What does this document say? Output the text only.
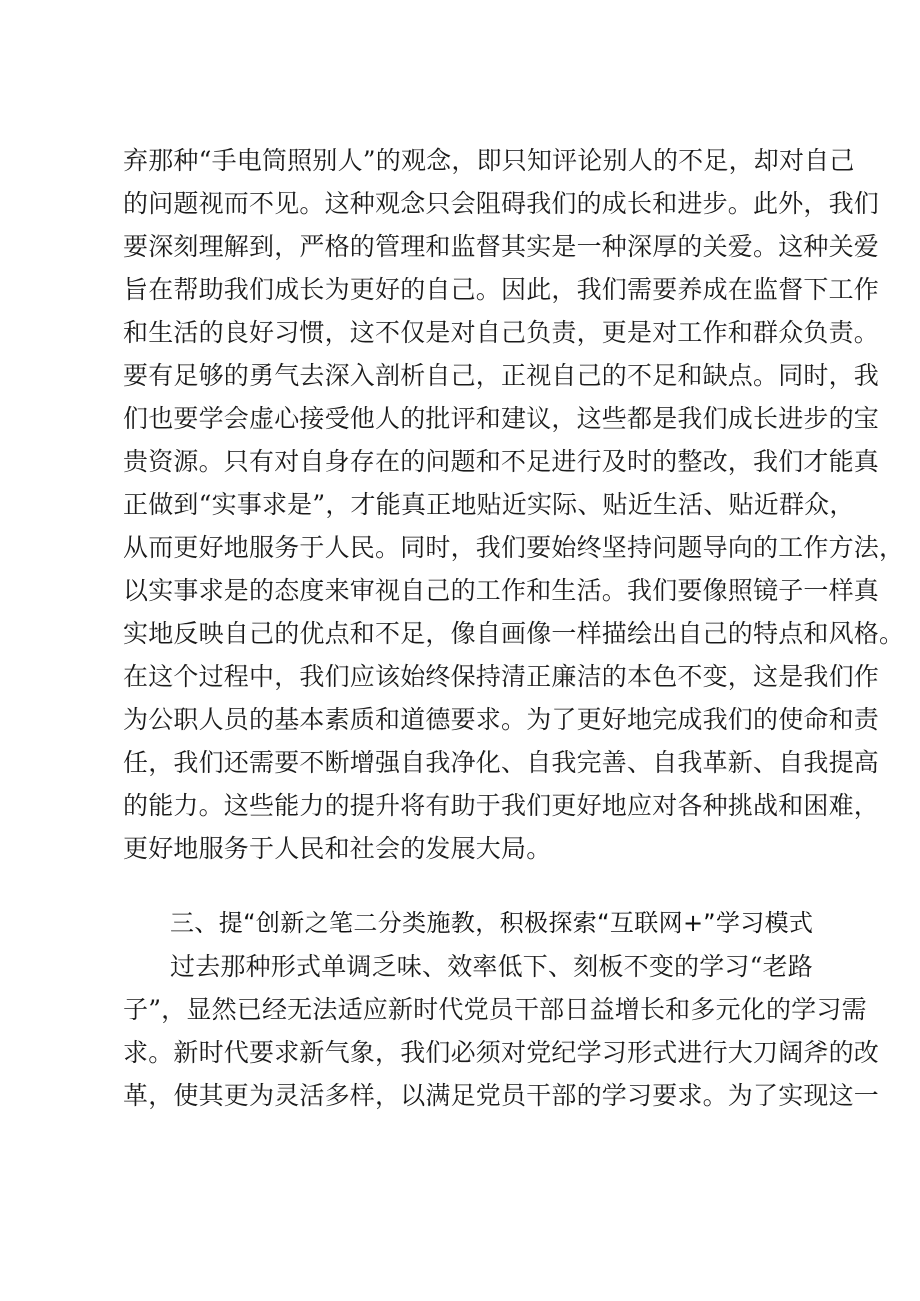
弃那种“手电筒照别人”的观念，即只知评论别人的不足，却对自己
的问题视而不见。这种观念只会阻碍我们的成长和进步。此外，我们
要深刻理解到，严格的管理和监督其实是一种深厚的关爱。这种关爱
旨在帮助我们成长为更好的自己。因此，我们需要养成在监督下工作
和生活的良好习惯，这不仅是对自己负责，更是对工作和群众负责。
要有足够的勇气去深入剖析自己，正视自己的不足和缺点。同时，我
们也要学会虚心接受他人的批评和建议，这些都是我们成长进步的宝
贵资源。只有对自身存在的问题和不足进行及时的整改，我们才能真
正做到“实事求是”，才能真正地贴近实际、贴近生活、贴近群众，
从而更好地服务于人民。同时，我们要始终坚持问题导向的工作方法，
以实事求是的态度来审视自己的工作和生活。我们要像照镜子一样真
实地反映自己的优点和不足，像自画像一样描绘出自己的特点和风格。
在这个过程中，我们应该始终保持清正廉洁的本色不变，这是我们作
为公职人员的基本素质和道德要求。为了更好地完成我们的使命和责
任，我们还需要不断增强自我净化、自我完善、自我革新、自我提高
的能力。这些能力的提升将有助于我们更好地应对各种挑战和困难，
更好地服务于人民和社会的发展大局。
三、提“创新之笔二分类施教，积极探索“互联网+”学习模式
过去那种形式单调乏味、效率低下、刻板不变的学习“老路
子”，显然已经无法适应新时代党员干部日益增长和多元化的学习需
求。新时代要求新气象，我们必须对党纪学习形式进行大刀阔斧的改
革，使其更为灵活多样，以满足党员干部的学习要求。为了实现这一
